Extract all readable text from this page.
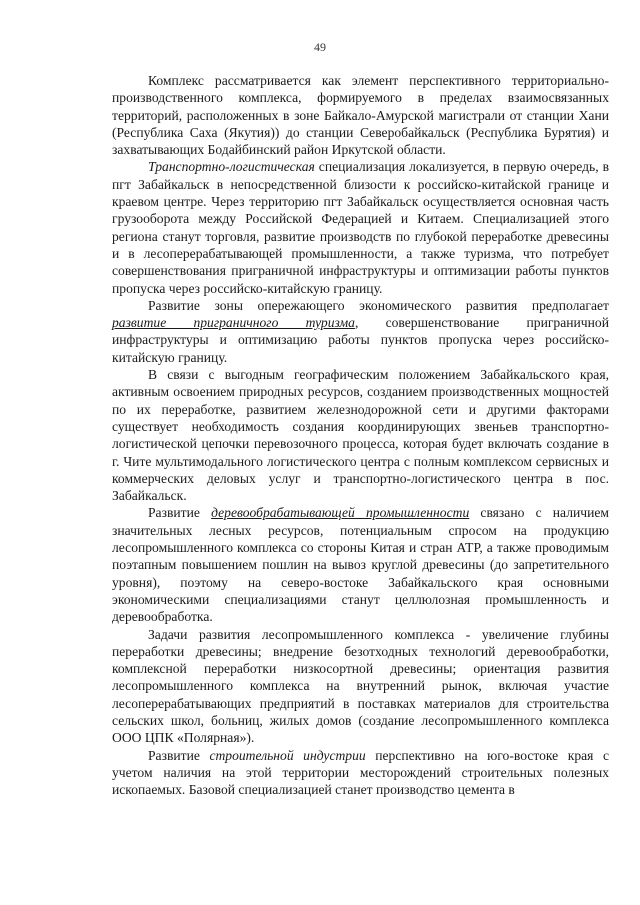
49

Комплекс рассматривается как элемент перспективного территориально-производственного комплекса, формируемого в пределах взаимосвязанных территорий, расположенных в зоне Байкало-Амурской магистрали от станции Хани (Республика Саха (Якутия)) до станции Северобайкальск (Республика Бурятия) и захватывающих Бодайбинский район Иркутской области.

Транспортно-логистическая специализация локализуется, в первую очередь, в пгт Забайкальск в непосредственной близости к российско-китайской границе и краевом центре. Через территорию пгт Забайкальск осуществляется основная часть грузооборота между Российской Федерацией и Китаем. Специализацией этого региона станут торговля, развитие производств по глубокой переработке древесины и в лесоперерабатывающей промышленности, а также туризма, что потребует совершенствования приграничной инфраструктуры и оптимизации работы пунктов пропуска через российско-китайскую границу.

Развитие зоны опережающего экономического развития предполагает развитие приграничного туризма, совершенствование приграничной инфраструктуры и оптимизацию работы пунктов пропуска через российско-китайскую границу.

В связи с выгодным географическим положением Забайкальского края, активным освоением природных ресурсов, созданием производственных мощностей по их переработке, развитием железнодорожной сети и другими факторами существует необходимость создания координирующих звеньев транспортно-логистической цепочки перевозочного процесса, которая будет включать создание в г. Чите мультимодального логистического центра с полным комплексом сервисных и коммерческих деловых услуг и транспортно-логистического центра в пос. Забайкальск.

Развитие деревообрабатывающей промышленности связано с наличием значительных лесных ресурсов, потенциальным спросом на продукцию лесопромышленного комплекса со стороны Китая и стран АТР, а также проводимым поэтапным повышением пошлин на вывоз круглой древесины (до запретительного уровня), поэтому на северо-востоке Забайкальского края основными экономическими специализациями станут целлюлозная промышленность и деревообработка.

Задачи развития лесопромышленного комплекса - увеличение глубины переработки древесины; внедрение безотходных технологий деревообработки, комплексной переработки низкосортной древесины; ориентация развития лесопромышленного комплекса на внутренний рынок, включая участие лесоперерабатывающих предприятий в поставках материалов для строительства сельских школ, больниц, жилых домов (создание лесопромышленного комплекса ООО ЦПК «Полярная»).

Развитие строительной индустрии перспективно на юго-востоке края с учетом наличия на этой территории месторождений строительных полезных ископаемых. Базовой специализацией станет производство цемента в
